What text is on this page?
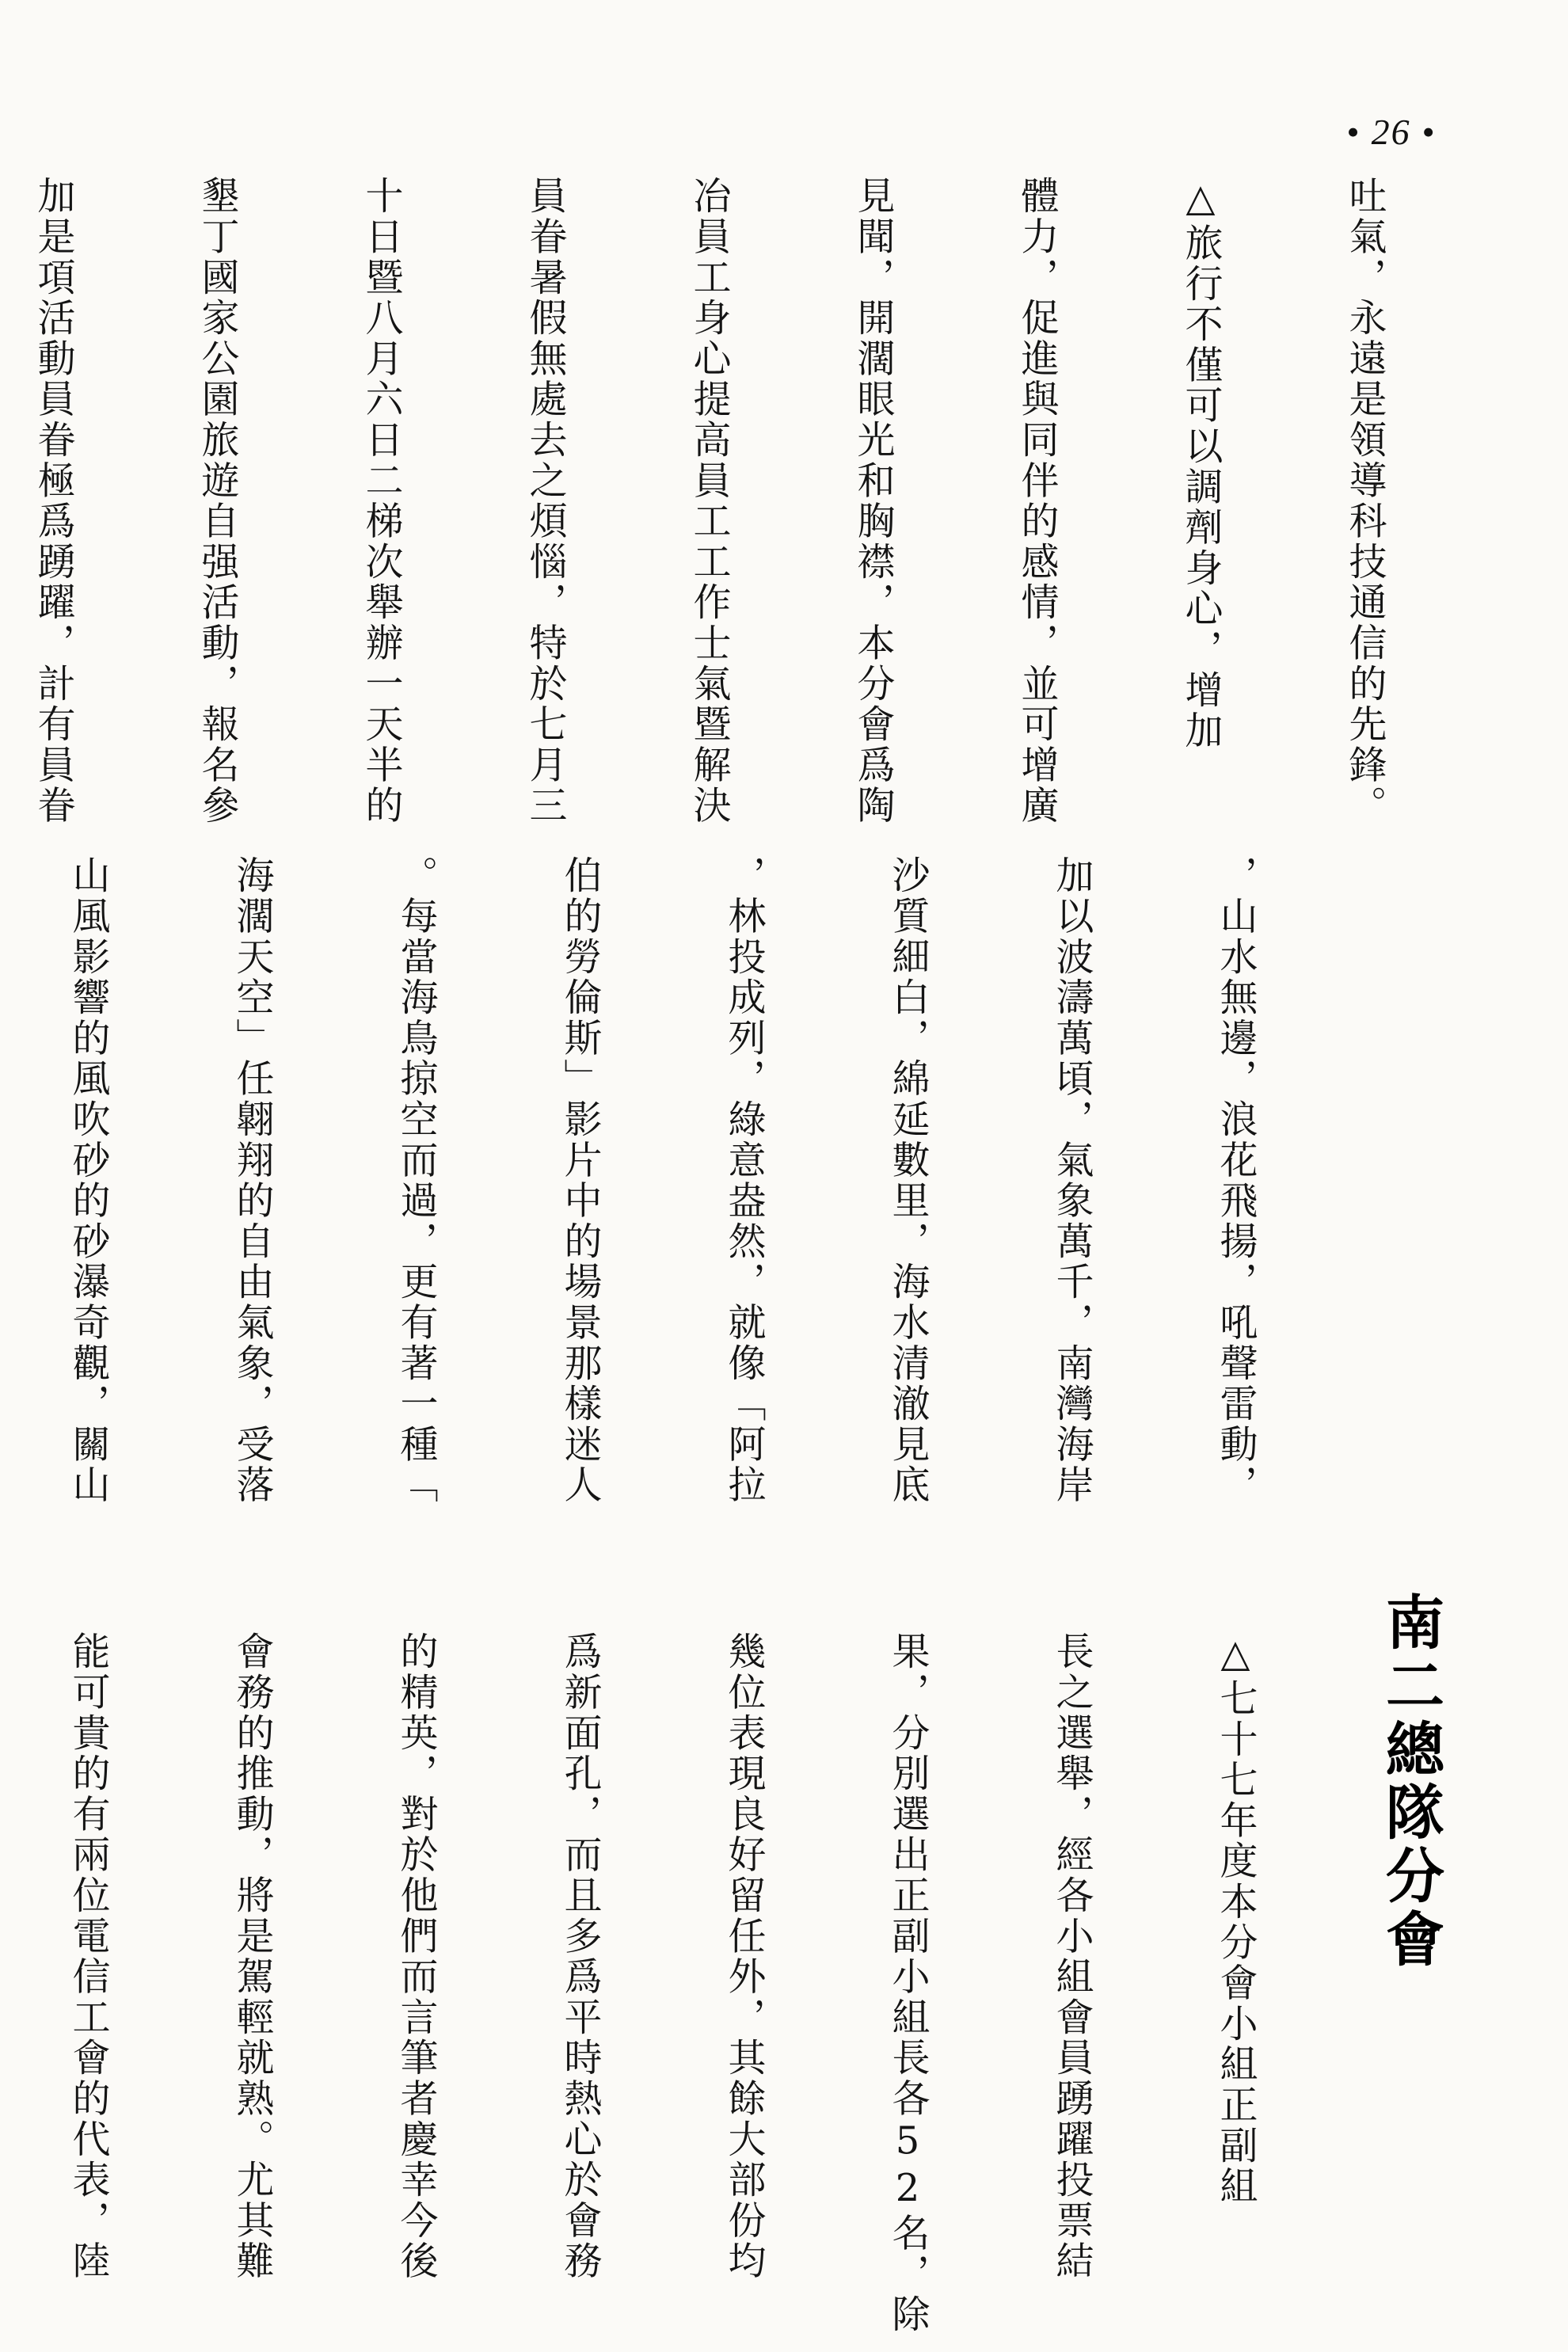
• 26 •

吐氣，永遠是領導科技通信的先鋒。

△旅行不僅可以調劑身心，增加

體力，促進與同伴的感情，並可增廣

見聞，開濶眼光和胸襟，本分會爲陶

冶員工身心提高員工工作士氣暨解決

員眷暑假無處去之煩惱，特於七月三

十日暨八月六日二梯次舉辦一天半的

墾丁國家公園旅遊自强活動，報名參

加是項活動員眷極爲踴躍，計有員眷

，山水無邊，浪花飛揚，吼聲雷動，

加以波濤萬頃，氣象萬千，南灣海岸

沙質細白，綿延數里，海水清澈見底

，林投成列，綠意盎然，就像「阿拉

伯的勞倫斯」影片中的場景那樣迷人

。每當海鳥掠空而過，更有著一種「

海濶天空」任翺翔的自由氣象，受落

山風影響的風吹砂的砂瀑奇觀，關山

南二總隊分會

△七十七年度本分會小組正副組

長之選舉，經各小組會員踴躍投票結

果，分別選出正副小組長各52名，除

幾位表現良好留任外，其餘大部份均

爲新面孔，而且多爲平時熱心於會務

的精英，對於他們而言筆者慶幸今後

會務的推動，將是駕輕就熟。尤其難

能可貴的有兩位電信工會的代表，陸
